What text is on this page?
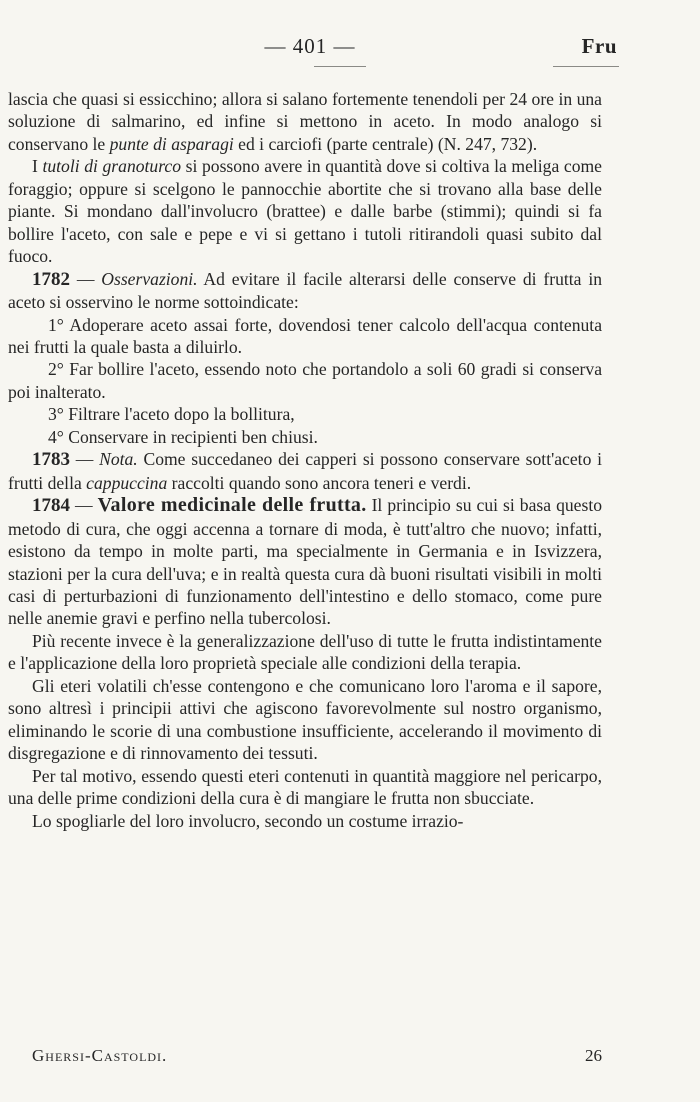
— 401 —	Fru

lascia che quasi si essicchino; allora si salano fortemente tenendoli per 24 ore in una soluzione di salmarino, ed infine si mettono in aceto. In modo analogo si conservano le punte di asparagi ed i carciofi (parte centrale) (N. 247, 732).

I tutoli di granoturco si possono avere in quantità dove si coltiva la meliga come foraggio; oppure si scelgono le pannocchie abortite che si trovano alla base delle piante. Si mondano dall'involucro (brattee) e dalle barbe (stimmi); quindi si fa bollire l'aceto, con sale e pepe e vi si gettano i tutoli ritirandoli quasi subito dal fuoco.

1782 — Osservazioni. Ad evitare il facile alterarsi delle conserve di frutta in aceto si osservino le norme sottoindicate:

1° Adoperare aceto assai forte, dovendosi tener calcolo dell'acqua contenuta nei frutti la quale basta a diluirlo.

2° Far bollire l'aceto, essendo noto che portandolo a soli 60 gradi si conserva poi inalterato.

3° Filtrare l'aceto dopo la bollitura,

4° Conservare in recipienti ben chiusi.

1783 — Nota. Come succedaneo dei capperi si possono conservare sott'aceto i frutti della cappuccina raccolti quando sono ancora teneri e verdi.

1784 — Valore medicinale delle frutta. Il principio su cui si basa questo metodo di cura, che oggi accenna a tornare di moda, è tutt'altro che nuovo; infatti, esistono da tempo in molte parti, ma specialmente in Germania e in Isvizzera, stazioni per la cura dell'uva; e in realtà questa cura dà buoni risultati visibili in molti casi di perturbazioni di funzionamento dell'intestino e dello stomaco, come pure nelle anemie gravi e perfino nella tubercolosi.

Più recente invece è la generalizzazione dell'uso di tutte le frutta indistintamente e l'applicazione della loro proprietà speciale alle condizioni della terapia.

Gli eteri volatili ch'esse contengono e che comunicano loro l'aroma e il sapore, sono altresì i principii attivi che agiscono favorevolmente sul nostro organismo, eliminando le scorie di una combustione insufficiente, accelerando il movimento di disgregazione e di rinnovamento dei tessuti.

Per tal motivo, essendo questi eteri contenuti in quantità maggiore nel pericarpo, una delle prime condizioni della cura è di mangiare le frutta non sbucciate.

Lo spogliarle del loro involucro, secondo un costume irrazio-

Ghersi-Castoldi.	26
